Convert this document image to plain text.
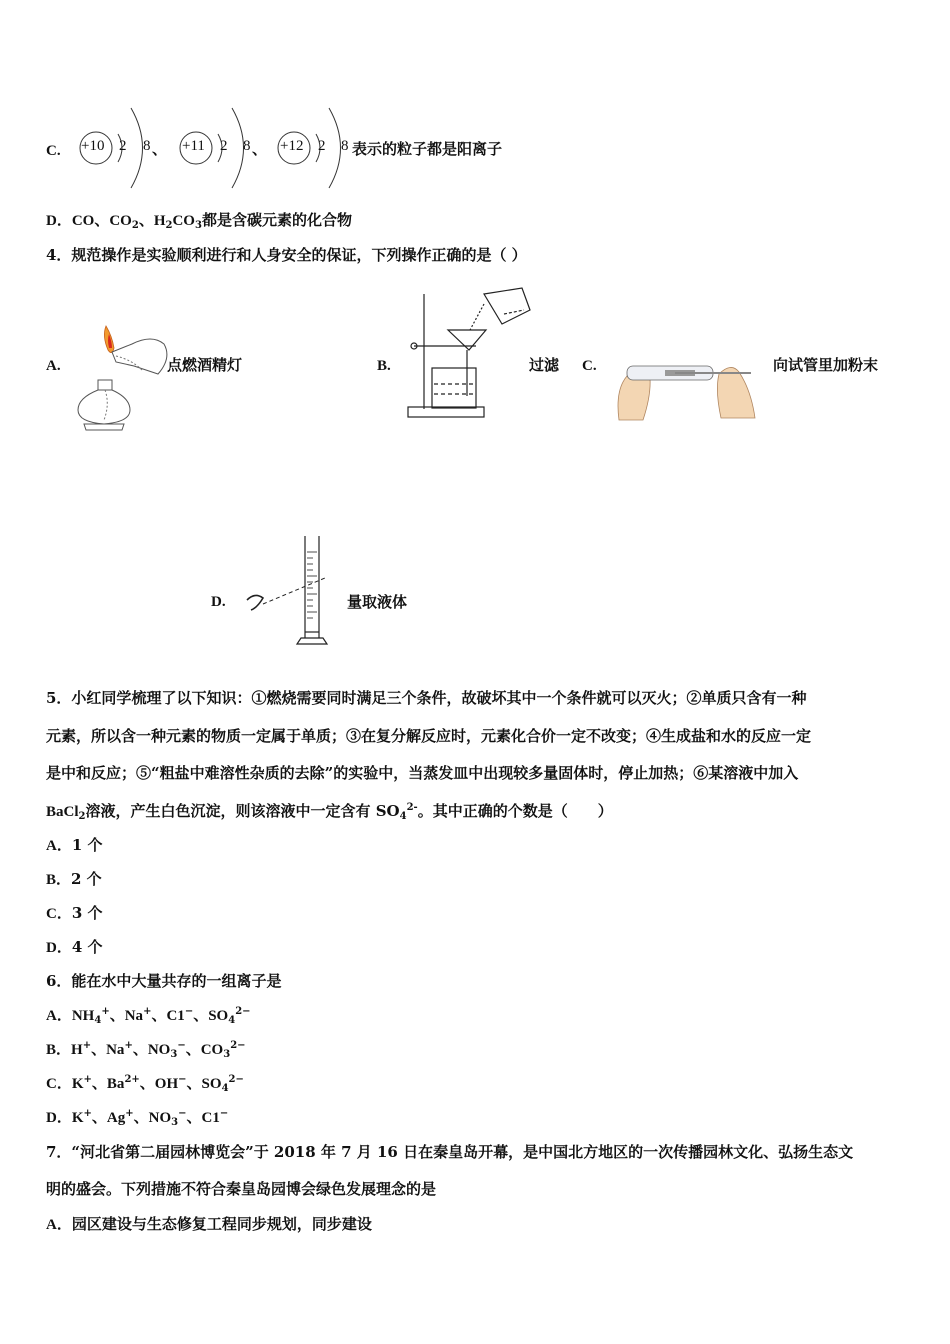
C. +10 2 8 、 +11 2 8 、 +12 2 8 表示的粒子都是阳离子
D．CO、$CO_2$、$H_2CO_3$都是含碳元素的化合物
4．规范操作是实验顺利进行和人身安全的保证，下列操作正确的是（ ）
A.	点燃酒精灯	B.	过滤 C.	向试管里加粉末
D.	量取液体
5．小红同学梳理了以下知识：①燃烧需要同时满足三个条件，故破坏其中一个条件就可以灭火；②单质只含有一种
元素，所以含一种元素的物质一定属于单质；③在复分解反应时，元素化合价一定不改变；④生成盐和水的反应一定
是中和反应；⑤“粗盐中难溶性杂质的去除”的实验中，当蒸发皿中出现较多量固体时，停止加热；⑥某溶液中加入
BaCl$_2$溶液，产生白色沉淀，则该溶液中一定含有 $SO_4^{2-}$。其中正确的个数是（　　）
A．1 个
B．2 个
C．3 个
D．4 个
6．能在水中大量共存的一组离子是
A．$NH_4^+$、Na+、C1−、$SO_4^{2-}$
B．H+、Na+、$NO_3^-$、$CO_3^{2-}$
C．K+、$Ba^{2+}$、OH−、$SO_4^{2-}$
D．K+、Ag+、$NO_3^-$、C1−
7．“河北省第二届园林博览会”于 2018 年 7 月 16 日在秦皇岛开幕，是中国北方地区的一次传播园林文化、弘扬生态文
明的盛会。下列措施不符合秦皇岛园博会绿色发展理念的是
A．园区建设与生态修复工程同步规划，同步建设
